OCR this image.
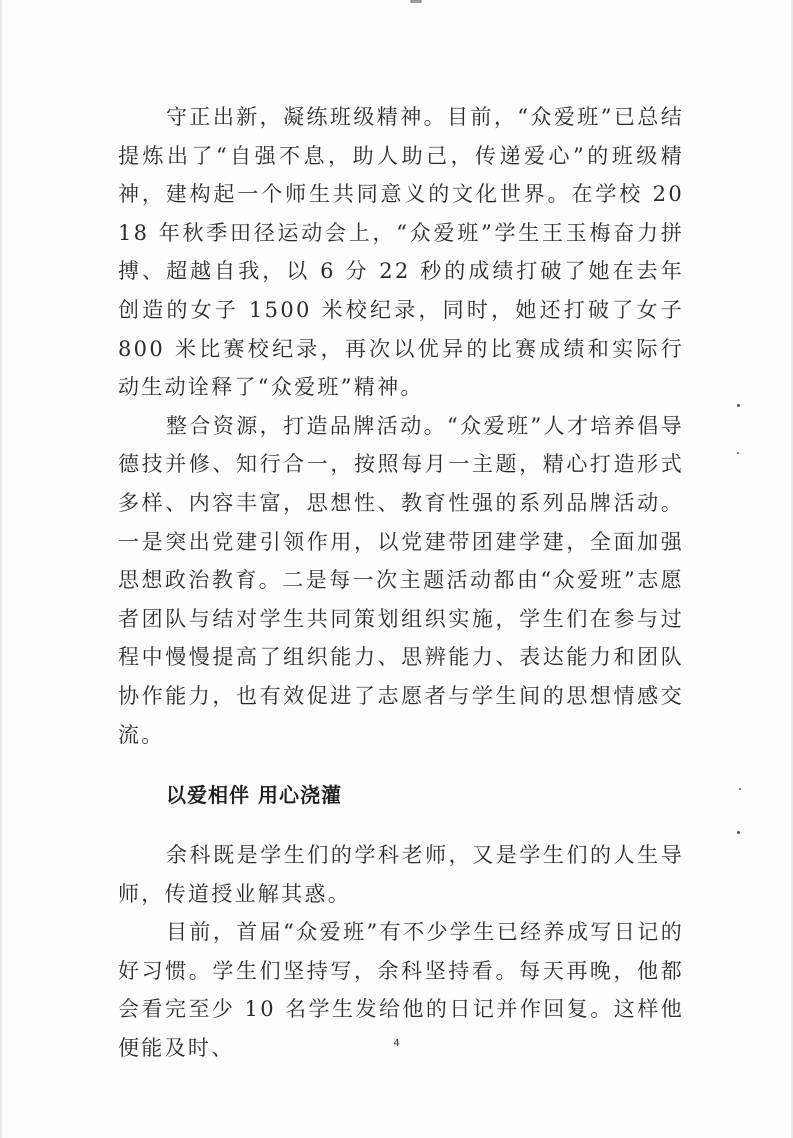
守正出新，凝练班级精神。目前，“众爱班”已总结提炼出了“自强不息，助人助己，传递爱心”的班级精神，建构起一个师生共同意义的文化世界。在学校 2018 年秋季田径运动会上，“众爱班”学生王玉梅奋力拼搏、超越自我，以 6 分 22 秒的成绩打破了她在去年创造的女子 1500 米校纪录，同时，她还打破了女子 800 米比赛校纪录，再次以优异的比赛成绩和实际行动生动诠释了“众爱班”精神。

整合资源，打造品牌活动。“众爱班”人才培养倡导德技并修、知行合一，按照每月一主题，精心打造形式多样、内容丰富，思想性、教育性强的系列品牌活动。一是突出党建引领作用，以党建带团建学建，全面加强思想政治教育。二是每一次主题活动都由“众爱班”志愿者团队与结对学生共同策划组织实施，学生们在参与过程中慢慢提高了组织能力、思辨能力、表达能力和团队协作能力，也有效促进了志愿者与学生间的思想情感交流。

以爱相伴 用心浇灌

余科既是学生们的学科老师，又是学生们的人生导师，传道授业解其惑。

目前，首届“众爱班”有不少学生已经养成写日记的好习惯。学生们坚持写，余科坚持看。每天再晚，他都会看完至少 10 名学生发给他的日记并作回复。这样他便能及时、	4
